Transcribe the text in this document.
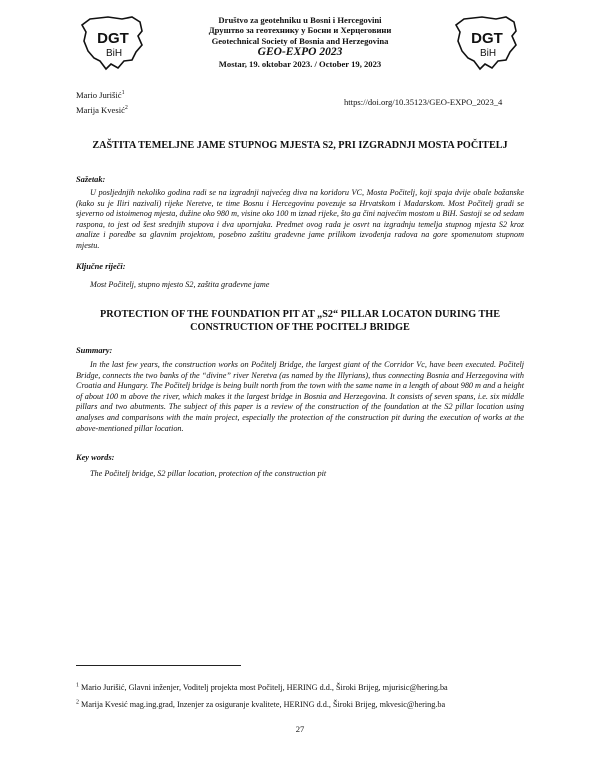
DGT
BiH
DGT
BiH
Društvo za geotehniku u Bosni i Hercegovini
Друштво за геотехнику у Босни и Херцеговини
Geotechnical Society of Bosnia and Herzegovina
GEO-EXPO 2023
Mostar, 19. oktobar 2023. / October 19, 2023
Mario Jurišić$^1$
Marija Kvesić$^2$
https://doi.org/10.35123/GEO-EXPO_2023_4
ZAŠTITA TEMELJNE JAME STUPNOG MJESTA S2, PRI IZGRADNJI MOSTA POČITELJ
Sažetak:
U posljednjih nekoliko godina radi se na izgradnji najvećeg diva na koridoru VC, Mosta Počitelj, koji spaja dvije obale božanske (kako su je Iliri nazivali) rijeke Neretve, te time Bosnu i Hercegovinu povezuje sa Hrvatskom i Madarskom. Most Počitelj gradi se sjeverno od istoimenog mjesta, dužine oko 980 m, visine oko 100 m iznad rijeke, što ga čini najvećim mostom u BiH. Sastoji se od sedam raspona, to jest od šest srednjih stupova i dva upornjaka. Predmet ovog rada je osvrt na izgradnju temelja stupnog mjesta S2 kroz analize i poredbe sa glavnim projektom, posebno zaštitu građevne jame prilikom izvođenja radova na gore spomenutom stupnom mjestu.
Ključne riječi:
Most Počitelj, stupno mjesto S2, zaštita građevne jame
PROTECTION OF THE FOUNDATION PIT AT „S2“ PILLAR LOCATON DURING THE CONSTRUCTION OF THE POCITELJ BRIDGE
Summary:
In the last few years, the construction works on Počitelj Bridge, the largest giant of the Corridor Vc, have been executed. Počitelj Bridge, connects the two banks of the “divine” river Neretva (as named by the Illyrians), thus connecting Bosnia and Herzegovina with Croatia and Hungary. The Počitelj bridge is being built north from the town with the same name in a length of about 980 m and a height of about 100 m above the river, which makes it the largest bridge in Bosnia and Herzegovina. It consists of seven spans, i.e. six middle pillars and two abutments. The subject of this paper is a review of the construction of the foundation at the S2 pillar location using analyses and comparisons with the main project, especially the protection of the construction pit during the execution of works at the above-mentioned pillar location.
Key words:
The Počitelj bridge, S2 pillar location, protection of the construction pit
$^1$ Mario Jurišić, Glavni inženjer, Voditelj projekta most Počitelj, HERING d.d., Široki Brijeg, mjurisic@hering.ba
$^2$ Marija Kvesić mag.ing.grad, Inzenjer za osiguranje kvalitete, HERING d.d., Široki Brijeg, mkvesic@hering.ba
27
